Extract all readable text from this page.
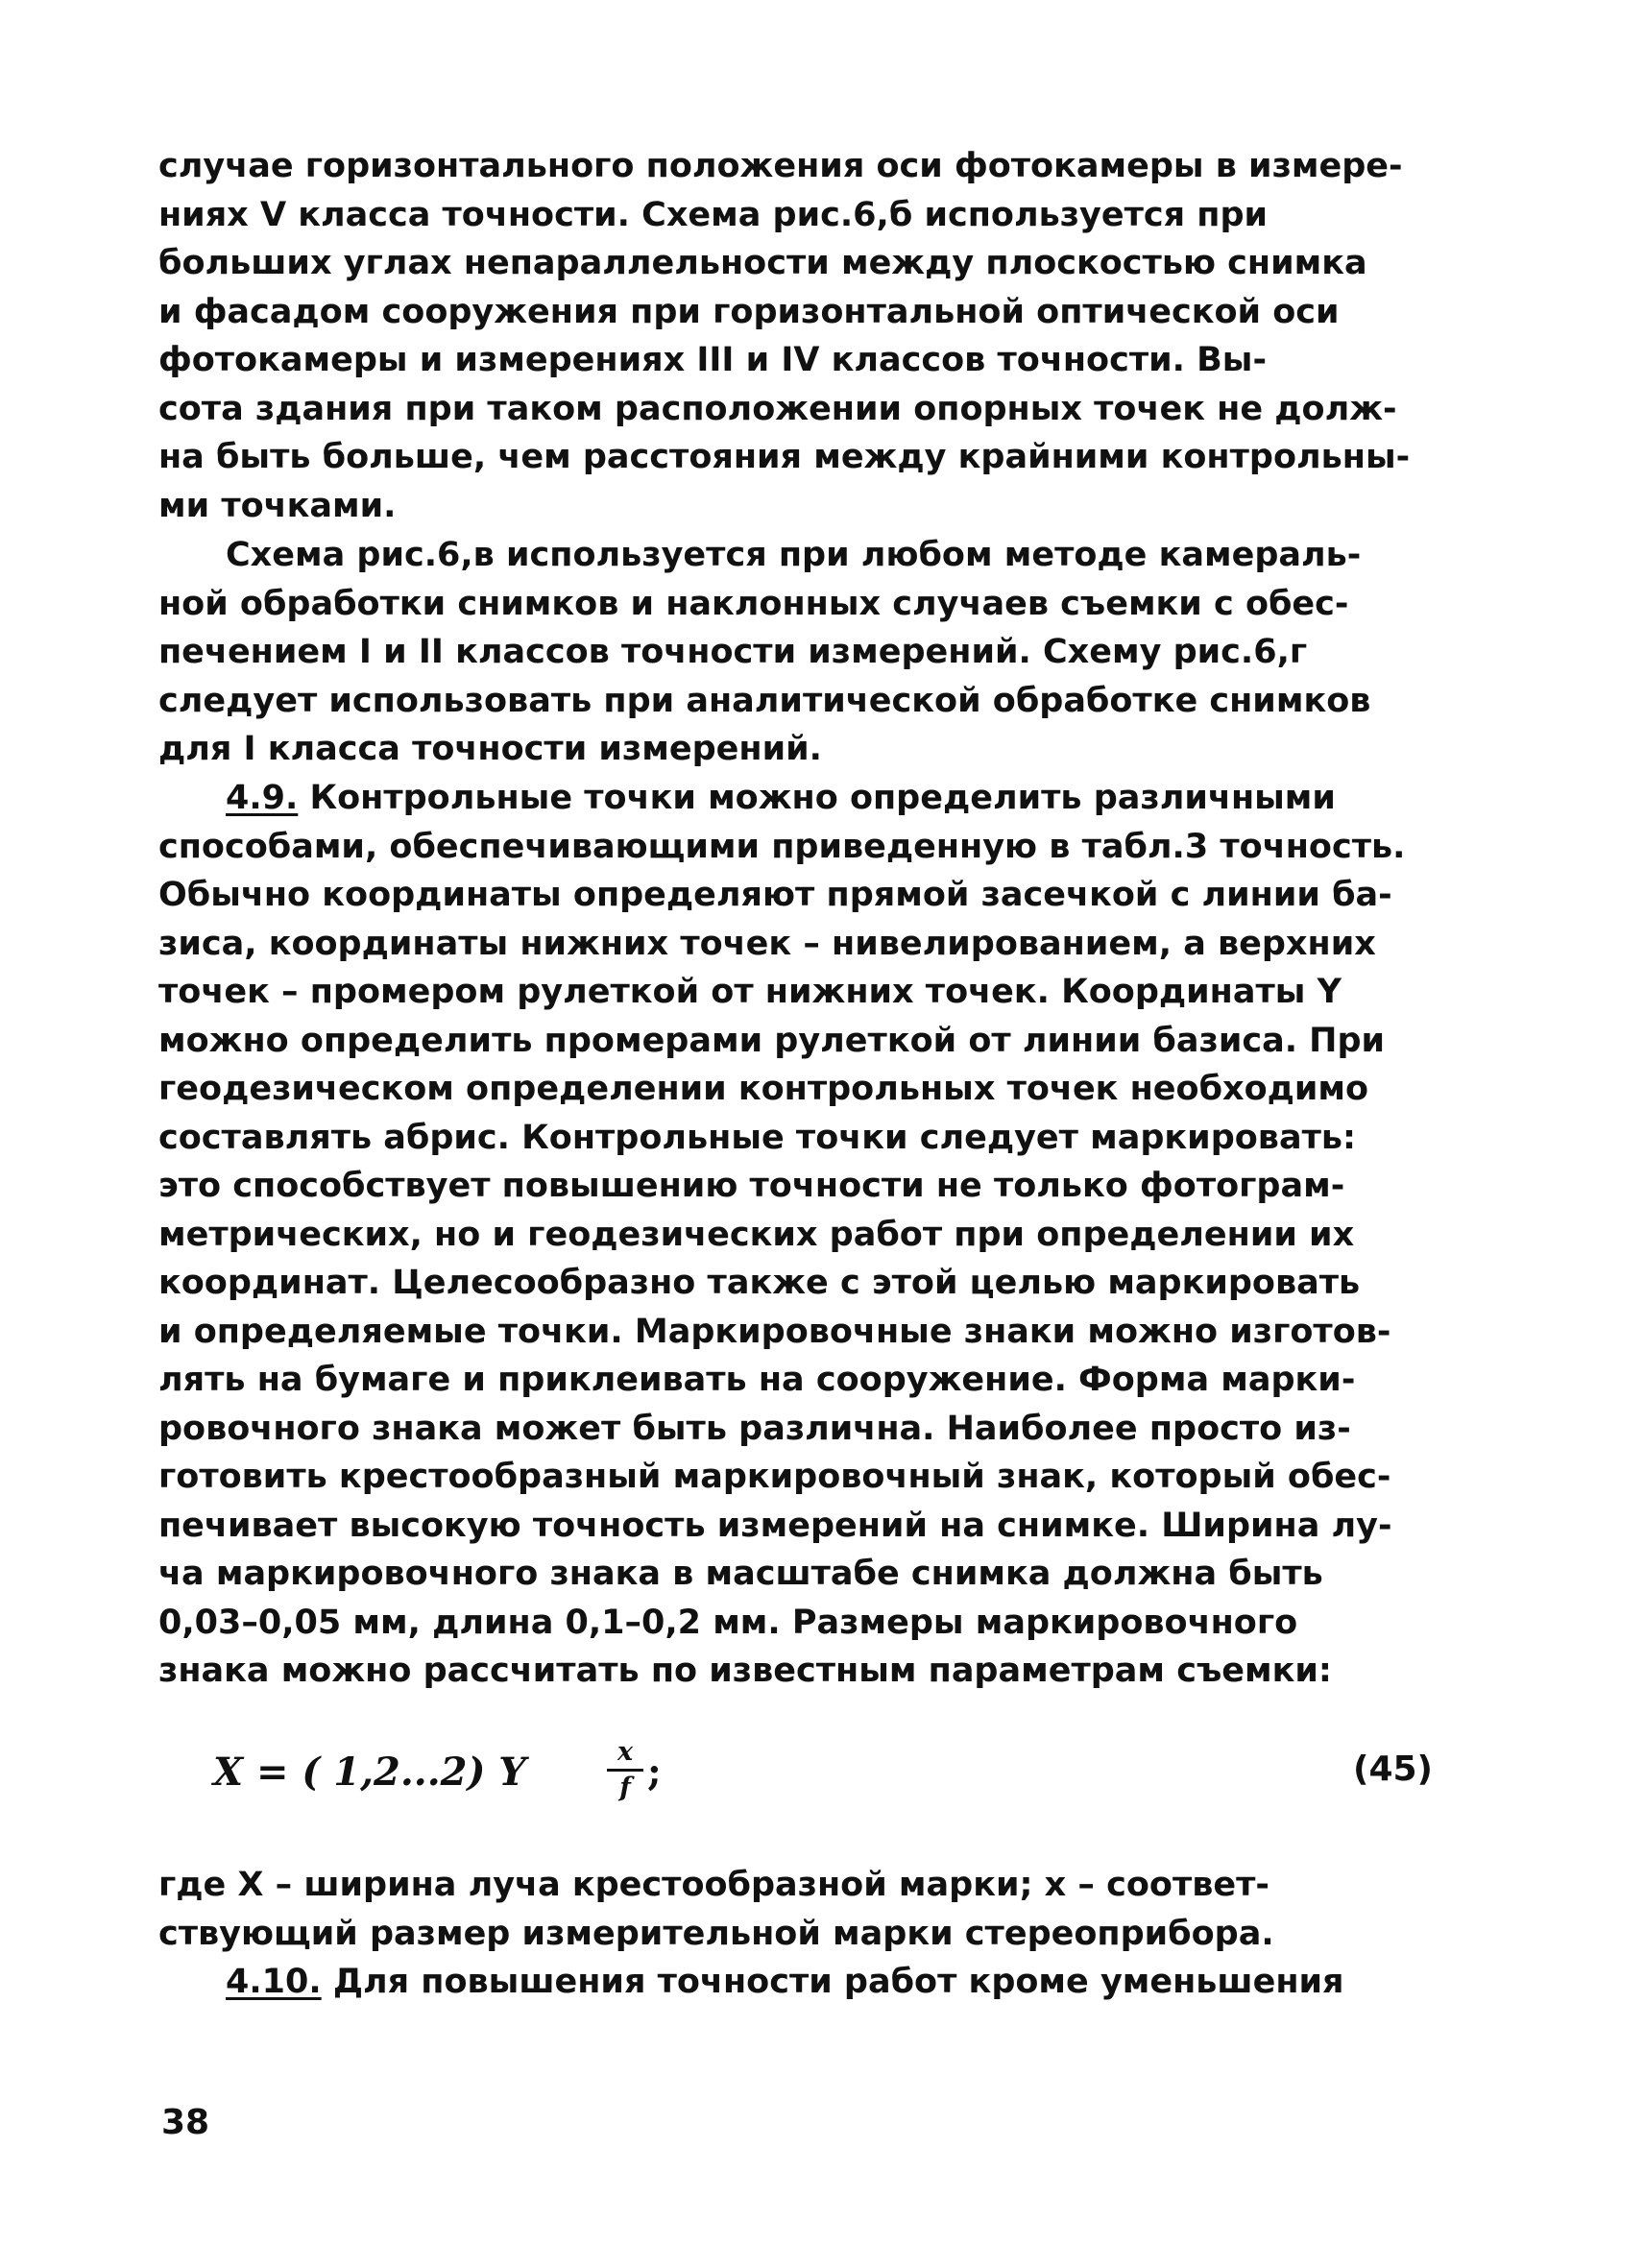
случае горизонтального положения оси фотокамеры в измере-
ниях V класса точности. Схема рис.6,б используется при
больших углах непараллельности между плоскостью снимка
и фасадом сооружения при горизонтальной оптической оси
фотокамеры и измерениях III и IV классов точности. Вы-
сота здания при таком расположении опорных точек не долж-
на быть больше, чем расстояния между крайними контрольны-
ми точками.
Схема рис.6,в используется при любом методе камераль-
ной обработки снимков и наклонных случаев съемки с обес-
печением I и II классов точности измерений. Схему рис.6,г
следует использовать при аналитической обработке снимков
для I класса точности измерений.
4.9. Контрольные точки можно определить различными
способами, обеспечивающими приведенную в табл.3 точность.
Обычно координаты определяют прямой засечкой с линии ба-
зиса, координаты нижних точек – нивелированием, а верхних
точек – промером рулеткой от нижних точек. Координаты Y
можно определить промерами рулеткой от линии базиса. При
геодезическом определении контрольных точек необходимо
составлять абрис. Контрольные точки следует маркировать:
это способствует повышению точности не только фотограм-
метрических, но и геодезических работ при определении их
координат. Целесообразно также с этой целью маркировать
и определяемые точки. Маркировочные знаки можно изготов-
лять на бумаге и приклеивать на сооружение. Форма марки-
ровочного знака может быть различна. Наиболее просто из-
готовить крестообразный маркировочный знак, который обес-
печивает высокую точность измерений на снимке. Ширина лу-
ча маркировочного знака в масштабе снимка должна быть
0,03–0,05 мм, длина 0,1–0,2 мм. Размеры маркировочного
знака можно рассчитать по известным параметрам съемки:
X = ( 1,2...2) Y	$\frac{x}{f}$ ;	(45)
где X – ширина луча крестообразной марки; x – соответ-
ствующий размер измерительной марки стереоприбора.
4.10. Для повышения точности работ кроме уменьшения
38
